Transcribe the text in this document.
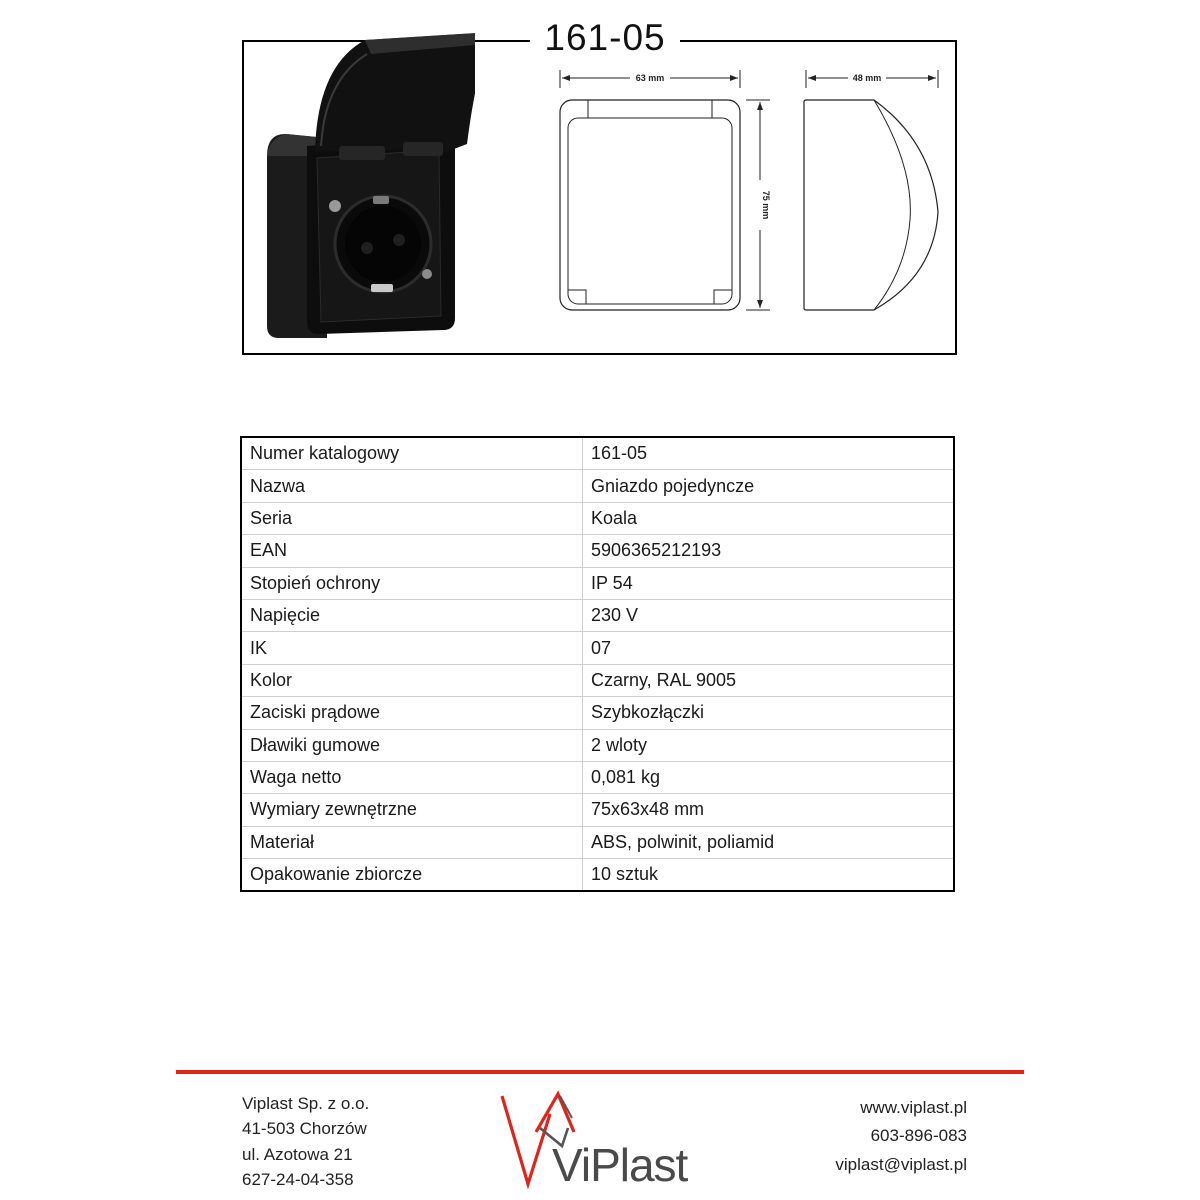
161-05
63 mm
75 mm
48 mm
Numer katalogowy	161-05
Nazwa	Gniazdo pojedyncze
Seria	Koala
EAN	5906365212193
Stopień ochrony	IP 54
Napięcie	230 V
IK	07
Kolor	Czarny, RAL 9005
Zaciski prądowe	Szybkozłączki
Dławiki gumowe	2 wloty
Waga netto	0,081 kg
Wymiary zewnętrzne	75x63x48 mm
Materiał	ABS, polwinit, poliamid
Opakowanie zbiorcze	10 sztuk
Viplast Sp. z o.o.
41-503 Chorzów
ul. Azotowa 21
627-24-04-358	ViPlast
www.viplast.pl
603-896-083
viplast@viplast.pl
